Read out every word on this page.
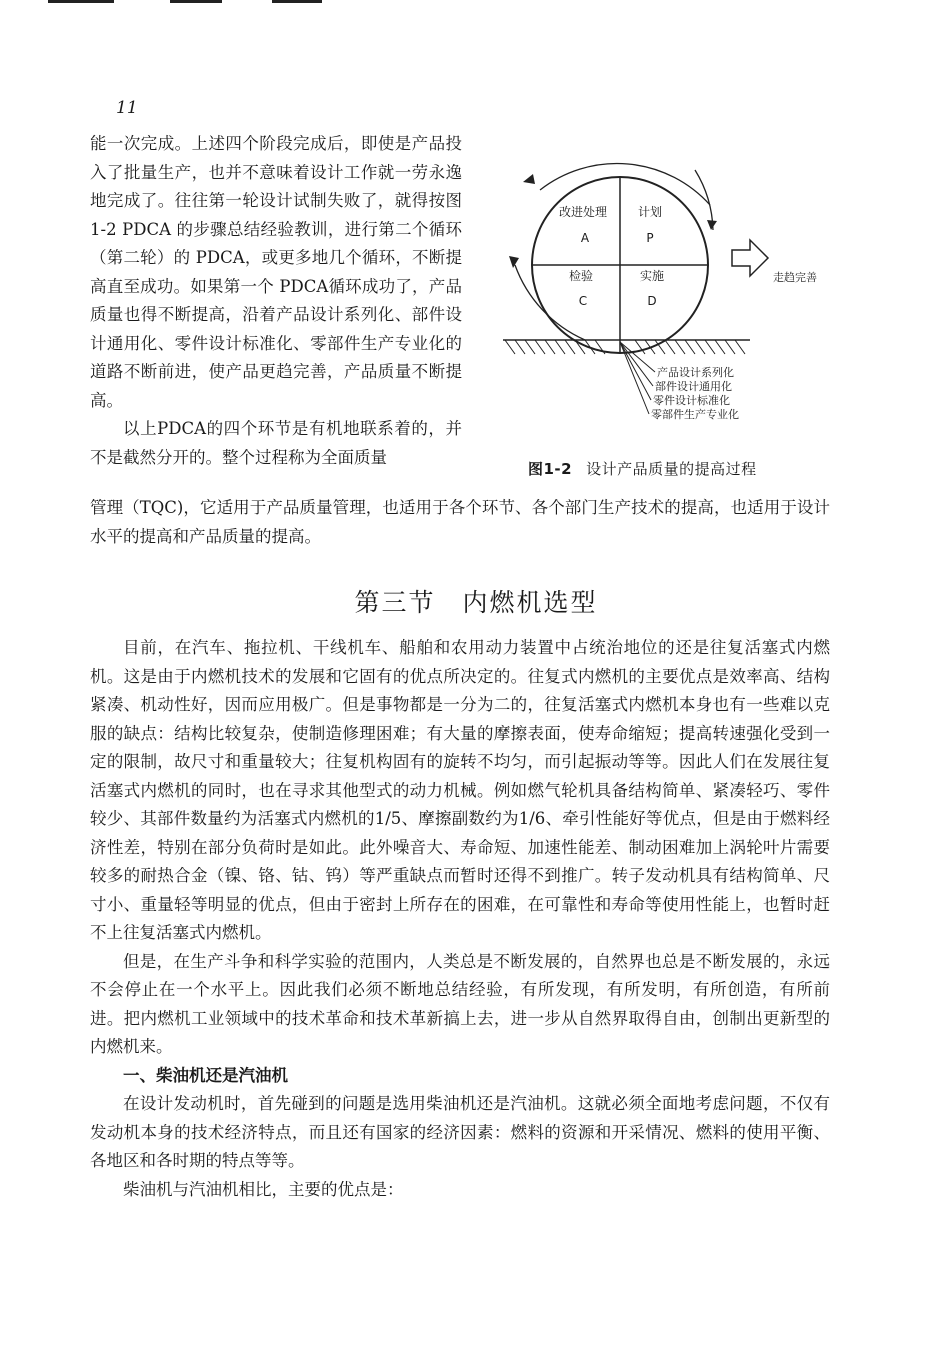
11

能一次完成。上述四个阶段完成后，即使是产品投入了批量生产，也并不意味着设计工作就一劳永逸地完成了。往往第一轮设计试制失败了，就得按图 1-2 PDCA 的步骤总结经验教训，进行第二个循环（第二轮）的 PDCA，或更多地几个循环，不断提高直至成功。如果第一个 PDCA循环成功了，产品质量也得不断提高，沿着产品设计系列化、部件设计通用化、零件设计标准化、零部件生产专业化的道路不断前进，使产品更趋完善，产品质量不断提高。

以上PDCA的四个环节是有机地联系着的，并不是截然分开的。整个过程称为全面质量

改进处理
A
计划
P
检验
C
实施
D
走趋完善
产品设计系列化
部件设计通用化
零件设计标准化
零部件生产专业化
图1-2 设计产品质量的提高过程

管理（TQC)，它适用于产品质量管理，也适用于各个环节、各个部门生产技术的提高，也适用于设计水平的提高和产品质量的提高。

第三节　内燃机选型

目前，在汽车、拖拉机、干线机车、船舶和农用动力装置中占统治地位的还是往复活塞式内燃机。这是由于内燃机技术的发展和它固有的优点所决定的。往复式内燃机的主要优点是效率高、结构紧凑、机动性好，因而应用极广。但是事物都是一分为二的，往复活塞式内燃机本身也有一些难以克服的缺点：结构比较复杂，使制造修理困难；有大量的摩擦表面，使寿命缩短；提高转速强化受到一定的限制，故尺寸和重量较大；往复机构固有的旋转不均匀，而引起振动等等。因此人们在发展往复活塞式内燃机的同时，也在寻求其他型式的动力机械。例如燃气轮机具备结构简单、紧凑轻巧、零件较少、其部件数量约为活塞式内燃机的1/5、摩擦副数约为1/6、牵引性能好等优点，但是由于燃料经济性差，特别在部分负荷时是如此。此外噪音大、寿命短、加速性能差、制动困难加上涡轮叶片需要较多的耐热合金（镍、铬、钴、钨）等严重缺点而暂时还得不到推广。转子发动机具有结构简单、尺寸小、重量轻等明显的优点，但由于密封上所存在的困难，在可靠性和寿命等使用性能上，也暂时赶不上往复活塞式内燃机。

但是，在生产斗争和科学实验的范围内，人类总是不断发展的，自然界也总是不断发展的，永远不会停止在一个水平上。因此我们必须不断地总结经验，有所发现，有所发明，有所创造，有所前进。把内燃机工业领域中的技术革命和技术革新搞上去，进一步从自然界取得自由，创制出更新型的内燃机来。

一、柴油机还是汽油机

在设计发动机时，首先碰到的问题是选用柴油机还是汽油机。这就必须全面地考虑问题，不仅有发动机本身的技术经济特点，而且还有国家的经济因素：燃料的资源和开采情况、燃料的使用平衡、各地区和各时期的特点等等。

柴油机与汽油机相比，主要的优点是：
